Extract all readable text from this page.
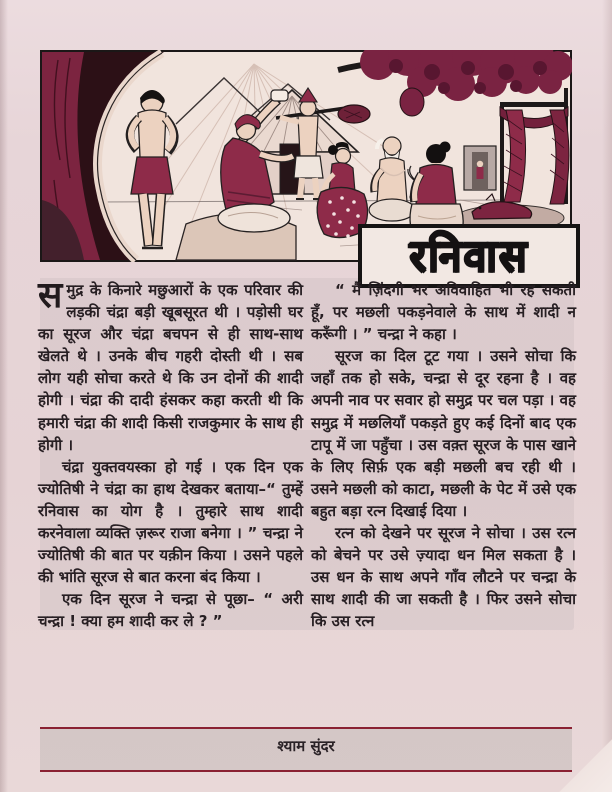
रनिवास

समुद्र के किनारे मछुआरों के एक परिवार की लड़की चंद्रा बड़ी खूबसूरत थी । पड़ोसी घर का सूरज और चंद्रा बचपन से ही साथ-साथ खेलते थे । उनके बीच गहरी दोस्ती थी । सब लोग यही सोचा करते थे कि उन दोनों की शादी होगी । चंद्रा की दादी हंसकर कहा करती थी कि हमारी चंद्रा की शादी किसी राजकुमार के साथ ही होगी ।

चंद्रा युक्तवयस्का हो गई । एक दिन एक ज्योतिषी ने चंद्रा का हाथ देखकर बताया–“ तुम्हें रनिवास का योग है । तुम्हारे साथ शादी करनेवाला व्यक्ति ज़रूर राजा बनेगा । ” चन्द्रा ने ज्योतिषी की बात पर यक़ीन किया । उसने पहले की भांति सूरज से बात करना बंद किया ।

एक दिन सूरज ने चन्द्रा से पूछा– “ अरी चन्द्रा ! क्या हम शादी कर ले ? ”

“ मैं ज़िंदगी भर अविवाहित भी रह सकती हूँ, पर मछली पकड़नेवाले के साथ में शादी न करूँगी । ” चन्द्रा ने कहा ।

सूरज का दिल टूट गया । उसने सोचा कि जहाँ तक हो सके, चन्द्रा से दूर रहना है । वह अपनी नाव पर सवार हो समुद्र पर चल पड़ा । वह समुद्र में मछलियाँ पकड़ते हुए कई दिनों बाद एक टापू में जा पहुँचा । उस वक़्त सूरज के पास खाने के लिए सिर्फ़ एक बड़ी मछली बच रही थी । उसने मछली को काटा, मछली के पेट में उसे एक बहुत बड़ा रत्न दिखाई दिया ।

रत्न को देखने पर सूरज ने सोचा । उस रत्न को बेचने पर उसे ज़्यादा धन मिल सकता है । उस धन के साथ अपने गाँव लौटने पर चन्द्रा के साथ शादी की जा सकती है । फिर उसने सोचा कि उस रत्न

श्याम सुंदर
